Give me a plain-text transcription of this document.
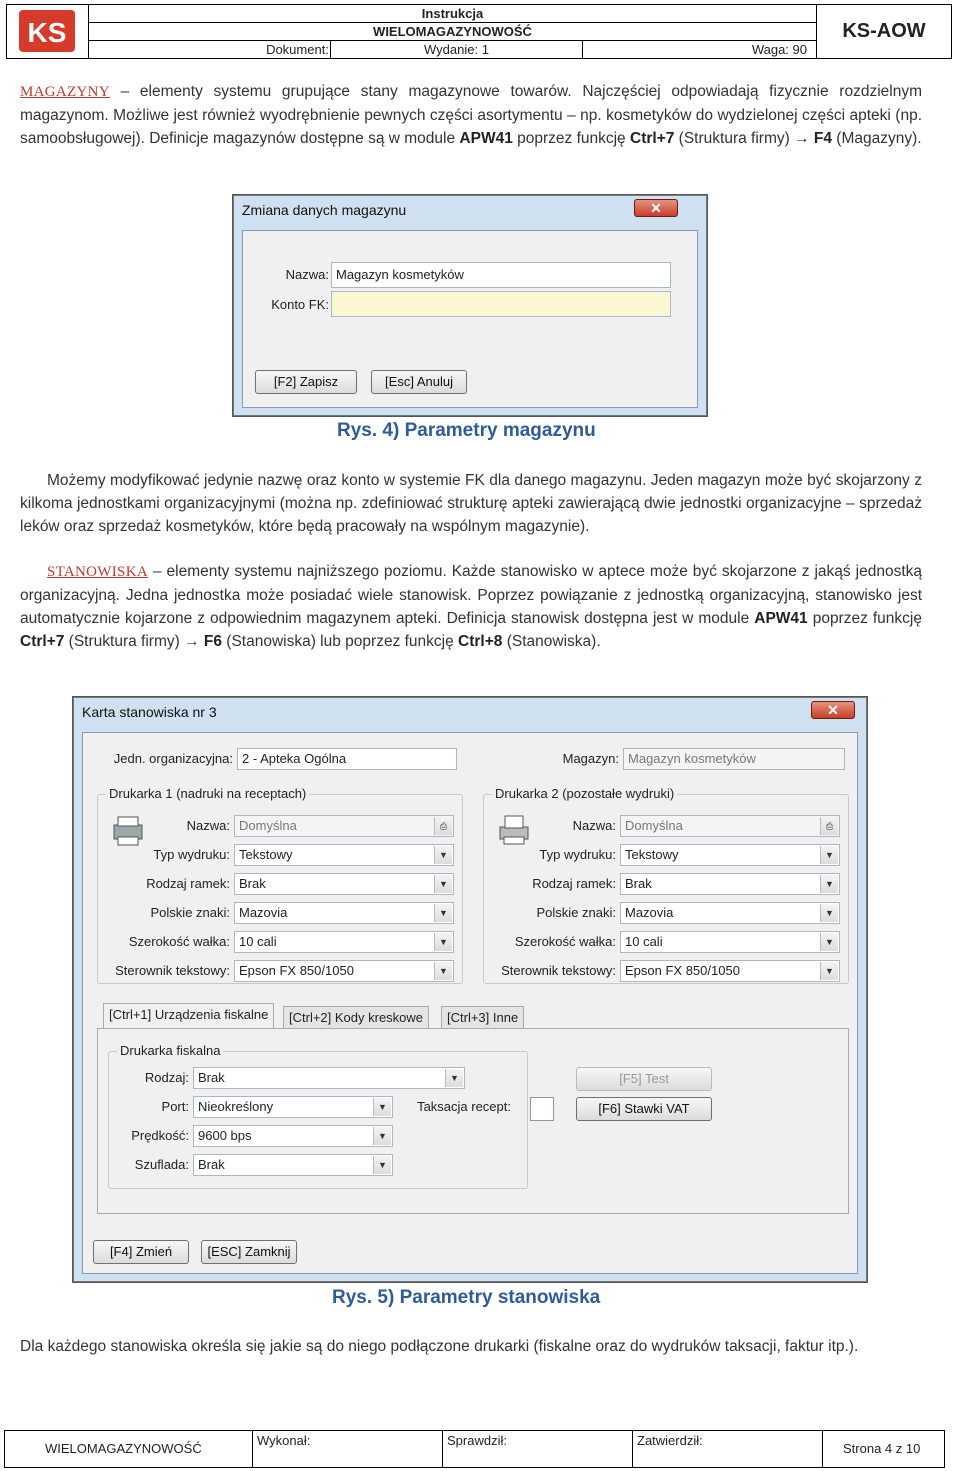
KS
Instrukcja
WIELOMAGAZYNOWOŚĆ
Dokument:	Wydanie: 1	Waga: 90
KS-AOW

MAGAZYNY – elementy systemu grupujące stany magazynowe towarów. Najczęściej odpowiadają fizycznie rozdzielnym magazynom. Możliwe jest również wyodrębnienie pewnych części asortymentu – np. kosmetyków do wydzielonej części apteki (np. samoobsługowej). Definicje magazynów dostępne są w module APW41 poprzez funkcję Ctrl+7 (Struktura firmy) → F4 (Magazyny).

Zmiana danych magazynu	✕
Nazwa: Magazyn kosmetyków
Konto FK:
[F2] Zapisz	[Esc] Anuluj
Rys. 4) Parametry magazynu

Możemy modyfikować jedynie nazwę oraz konto w systemie FK dla danego magazynu. Jeden magazyn może być skojarzony z kilkoma jednostkami organizacyjnymi (można np. zdefiniować strukturę apteki zawierającą dwie jednostki organizacyjne – sprzedaż leków oraz sprzedaż kosmetyków, które będą pracowały na wspólnym magazynie).

STANOWISKA – elementy systemu najniższego poziomu. Każde stanowisko w aptece może być skojarzone z jakąś jednostką organizacyjną. Jedna jednostka może posiadać wiele stanowisk. Poprzez powiązanie z jednostką organizacyjną, stanowisko jest automatycznie kojarzone z odpowiednim magazynem apteki. Definicja stanowisk dostępna jest w module APW41 poprzez funkcję Ctrl+7 (Struktura firmy) → F6 (Stanowiska) lub poprzez funkcję Ctrl+8 (Stanowiska).

Karta stanowiska nr 3	✕
Jedn. organizacyjna: 2 - Apteka Ogólna	Magazyn: Magazyn kosmetyków
Drukarka 1 (nadruki na receptach)
Nazwa: Domyślna	⎙
Typ wydruku: Tekstowy	▼
Rodzaj ramek: Brak	▼
Polskie znaki: Mazovia	▼
Szerokość wałka: 10 cali	▼
Sterownik tekstowy: Epson FX 850/1050	▼
Drukarka 2 (pozostałe wydruki)
Nazwa: Domyślna	⎙
Typ wydruku: Tekstowy	▼
Rodzaj ramek: Brak	▼
Polskie znaki: Mazovia	▼
Szerokość wałka: 10 cali	▼
Sterownik tekstowy: Epson FX 850/1050	▼
[Ctrl+1] Urządzenia fiskalne	[Ctrl+2] Kody kreskowe	[Ctrl+3] Inne
Drukarka fiskalna
Rodzaj: Brak	▼
Port: Nieokreślony	▼
Prędkość: 9600 bps	▼
Szuflada: Brak	▼
Taksacja recept:
[F5] Test
[F6] Stawki VAT
[F4] Zmień	[ESC] Zamknij
Rys. 5) Parametry stanowiska

Dla każdego stanowiska określa się jakie są do niego podłączone drukarki (fiskalne oraz do wydruków taksacji, faktur itp.).

WIELOMAGAZYNOWOŚĆ
Wykonał:	Sprawdził:	Zatwierdził:
Strona 4 z 10
